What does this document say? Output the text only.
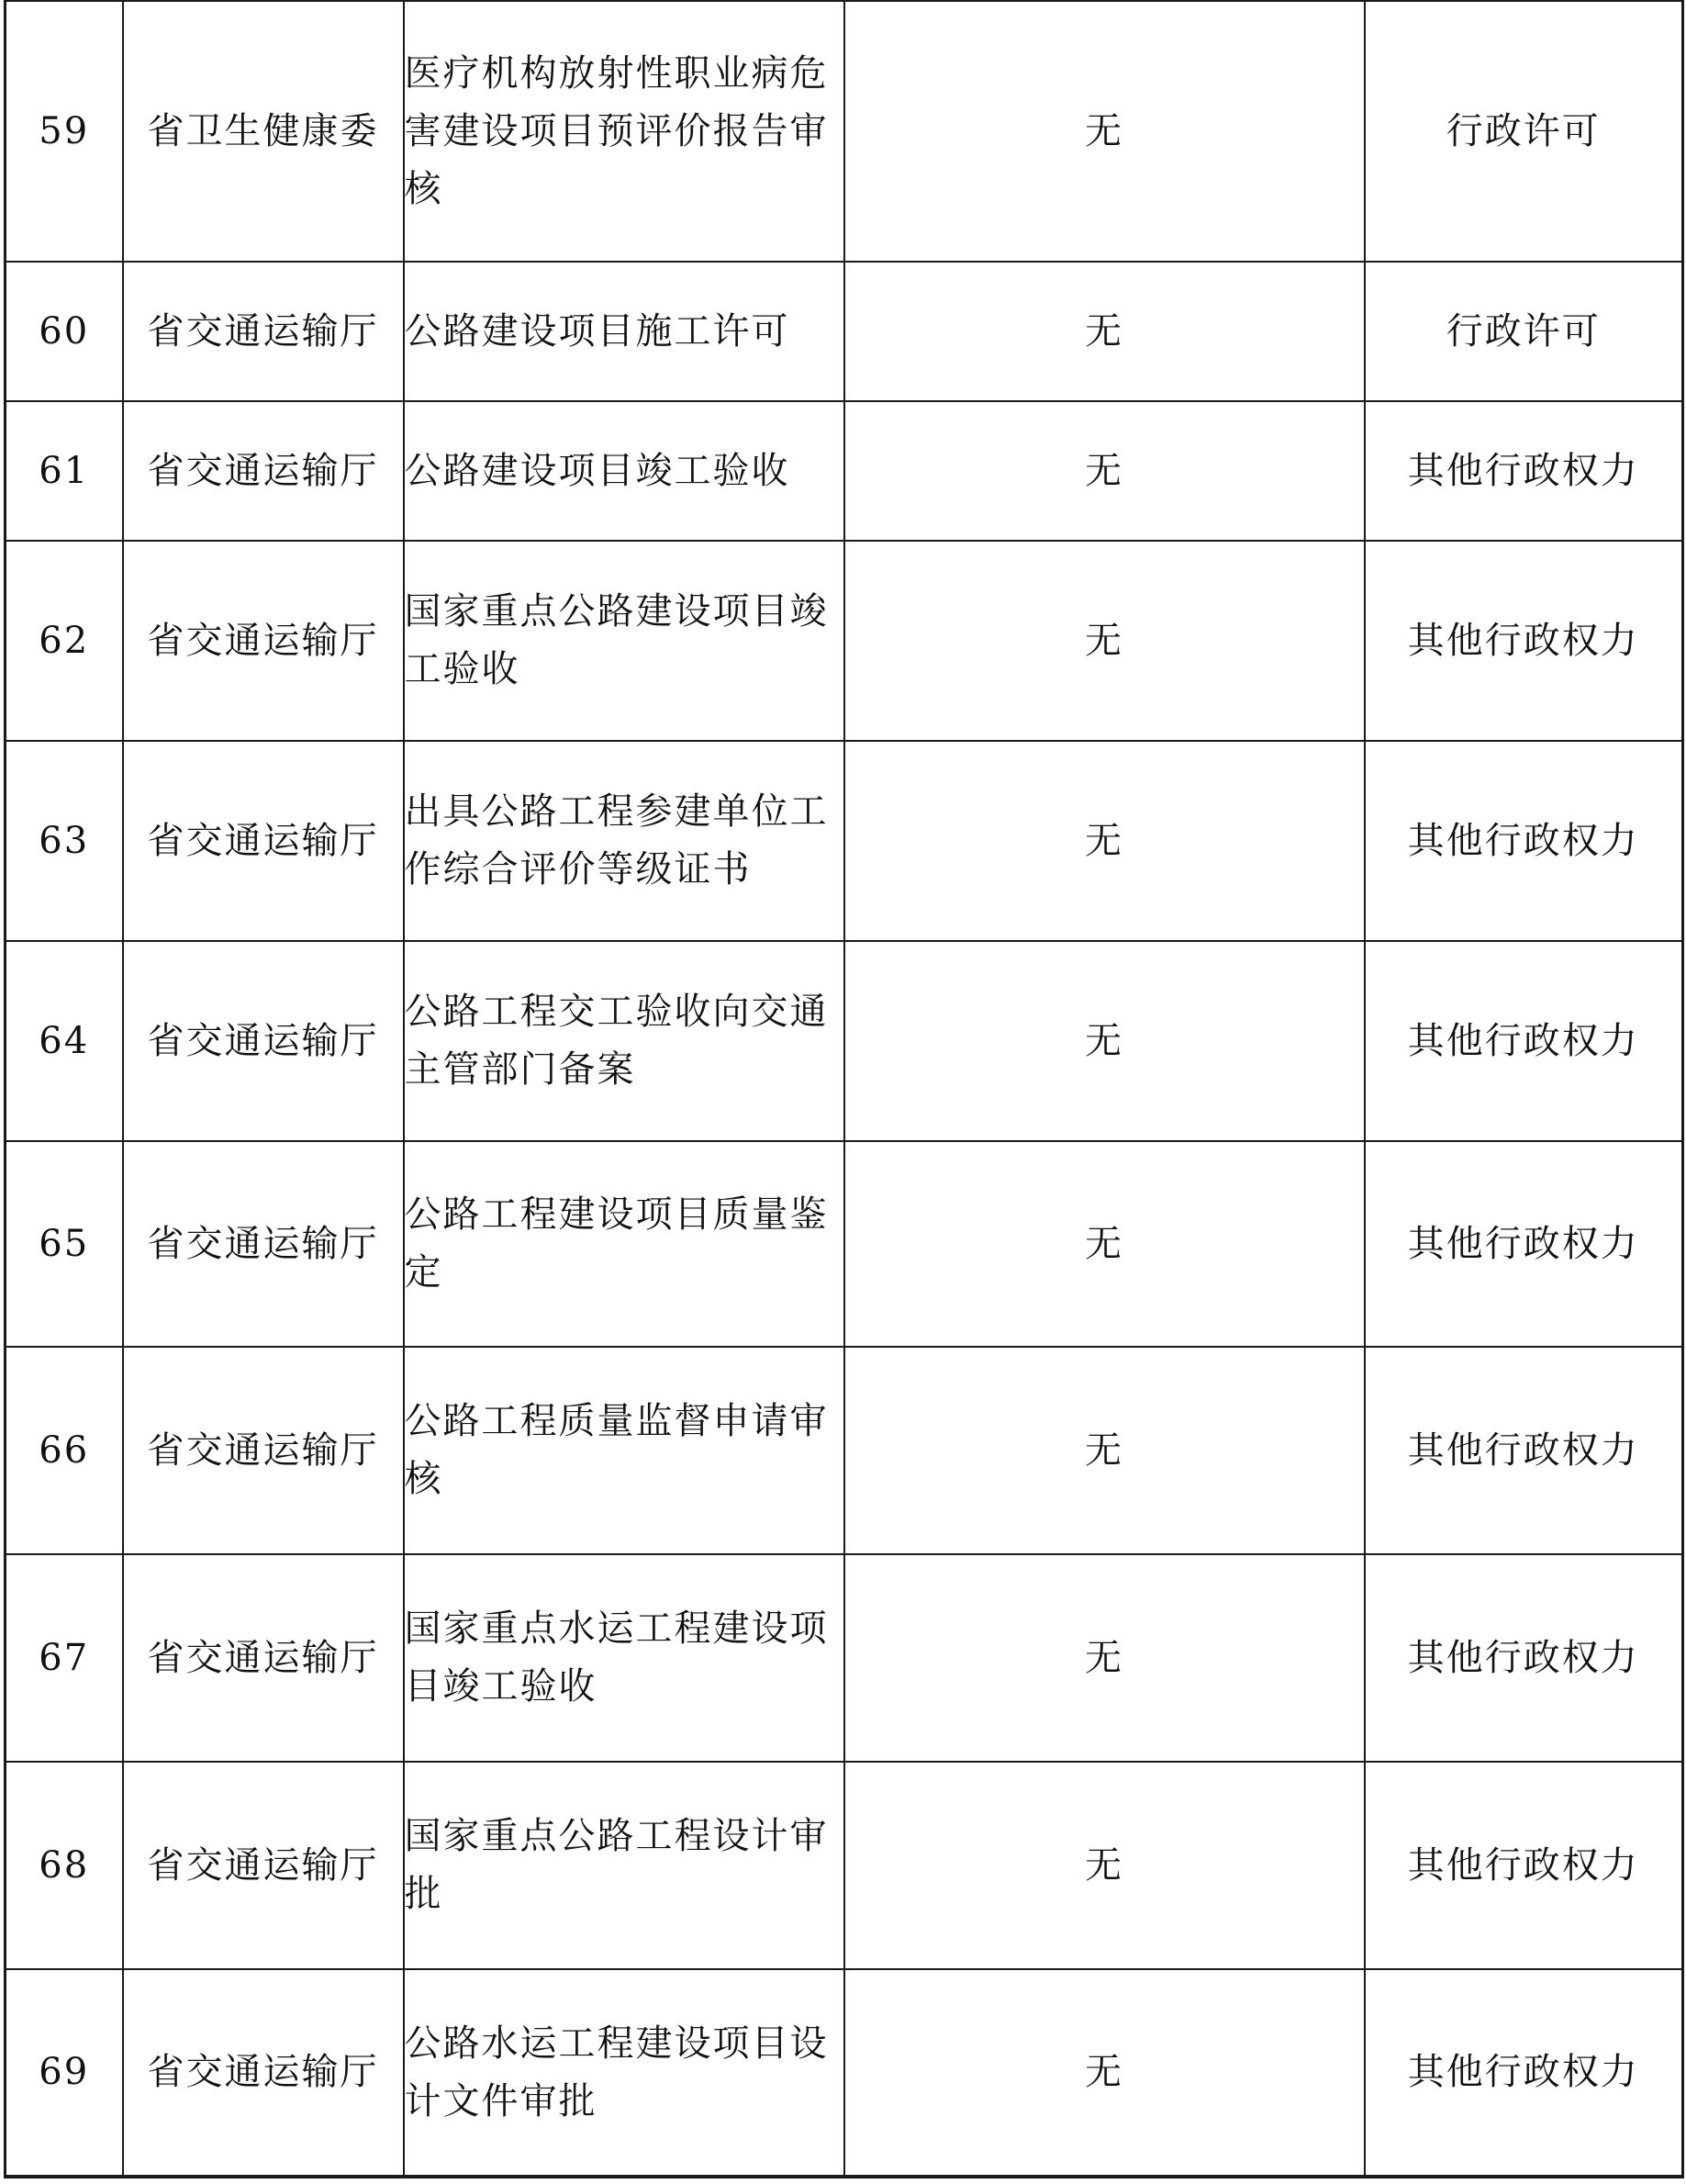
59	省卫生健康委	医疗机构放射性职业病危害建设项目预评价报告审核	无	行政许可
60	省交通运输厅	公路建设项目施工许可	无	行政许可
61	省交通运输厅	公路建设项目竣工验收	无	其他行政权力
62	省交通运输厅	国家重点公路建设项目竣工验收	无	其他行政权力
63	省交通运输厅	出具公路工程参建单位工作综合评价等级证书	无	其他行政权力
64	省交通运输厅	公路工程交工验收向交通主管部门备案	无	其他行政权力
65	省交通运输厅	公路工程建设项目质量鉴定	无	其他行政权力
66	省交通运输厅	公路工程质量监督申请审核	无	其他行政权力
67	省交通运输厅	国家重点水运工程建设项目竣工验收	无	其他行政权力
68	省交通运输厅	国家重点公路工程设计审批	无	其他行政权力
69	省交通运输厅	公路水运工程建设项目设计文件审批	无	其他行政权力
